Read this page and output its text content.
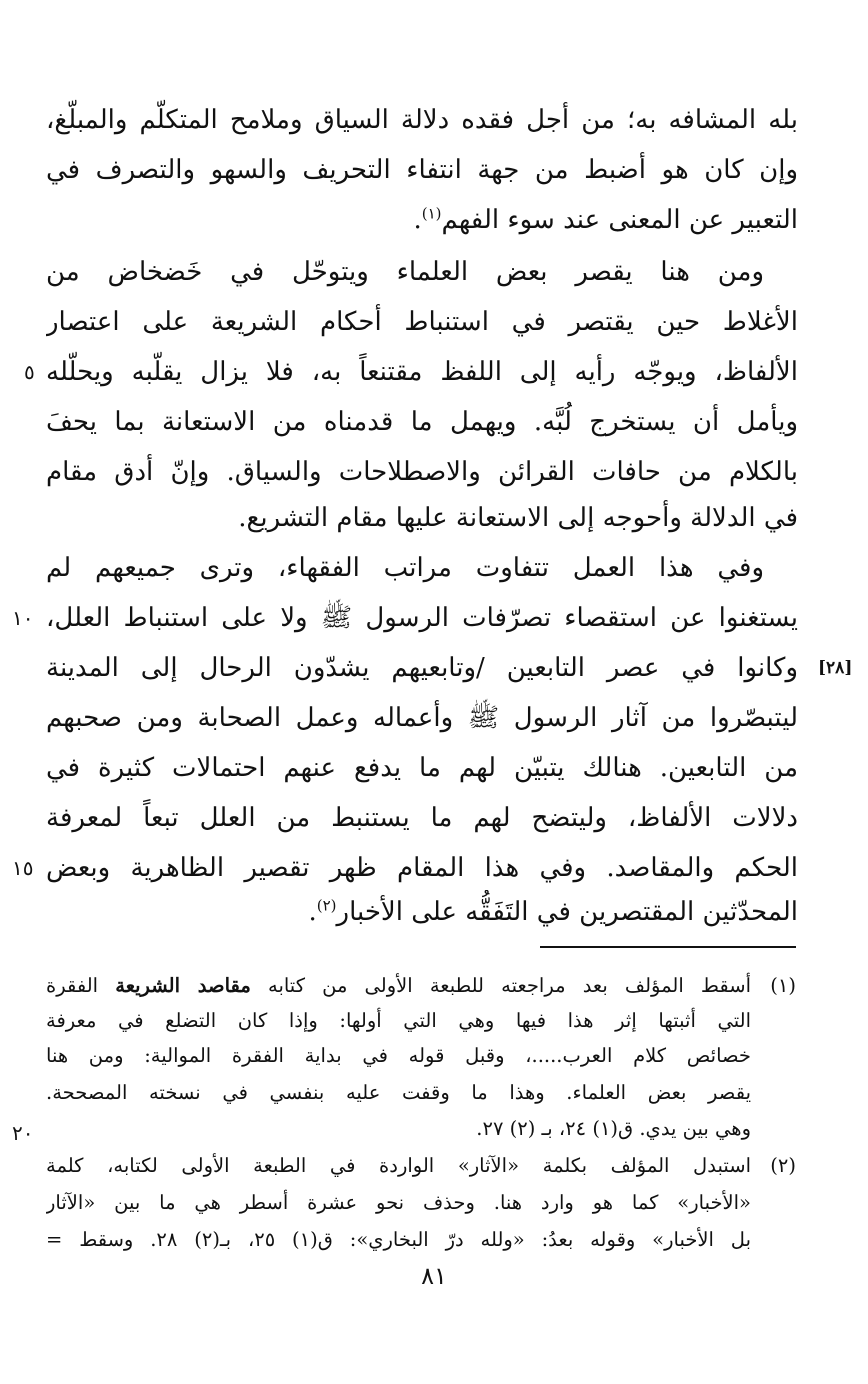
بله المشافه به؛ من أجل فقده دلالة السياق وملامح المتكلّم والمبلّغ،
وإن كان هو أضبط من جهة انتفاء التحريف والسهو والتصرف في
التعبير عن المعنى عند سوء الفهم$^{(١)}$.
ومن هنا يقصر بعض العلماء ويتوحّل في خَضخاض من
الأغلاط حين يقتصر في استنباط أحكام الشريعة على اعتصار
الألفاظ، ويوجّه رأيه إلى اللفظ مقتنعاً به، فلا يزال يقلّبه ويحلّله
ويأمل أن يستخرج لُبَّه. ويهمل ما قدمناه من الاستعانة بما يحفَ
بالكلام من حافات القرائن والاصطلاحات والسياق. وإنّ أدق مقام
في الدلالة وأحوجه إلى الاستعانة عليها مقام التشريع.
وفي هذا العمل تتفاوت مراتب الفقهاء، وترى جميعهم لم
يستغنوا عن استقصاء تصرّفات الرسول ﷺ ولا على استنباط العلل،
وكانوا في عصر التابعين /وتابعيهم يشدّون الرحال إلى المدينة
ليتبصّروا من آثار الرسول ﷺ وأعماله وعمل الصحابة ومن صحبهم
من التابعين. هنالك يتبيّن لهم ما يدفع عنهم احتمالات كثيرة في
دلالات الألفاظ، وليتضح لهم ما يستنبط من العلل تبعاً لمعرفة
الحكم والمقاصد. وفي هذا المقام ظهر تقصير الظاهرية وبعض
المحدّثين المقتصرين في التَفَقُّه على الأخبار$^{(٢)}$.
٥
١٠
١٥
٢٠
[٢٨]
(١)
أسقط المؤلف بعد مراجعته للطبعة الأولى من كتابه مقاصد الشريعة الفقرة
التي أثبتها إثر هذا فيها وهي التي أولها: وإذا كان التضلع في معرفة
خصائص كلام العرب.....، وقبل قوله في بداية الفقرة الموالية: ومن هنا
يقصر بعض العلماء. وهذا ما وقفت عليه بنفسي في نسخته المصححة.
وهي بين يدي. ق(١) ٢٤، بـ (٢) ٢٧.
(٢)
استبدل المؤلف بكلمة «الآثار» الواردة في الطبعة الأولى لكتابه، كلمة
«الأخبار» كما هو وارد هنا. وحذف نحو عشرة أسطر هي ما بين «الآثار
بل الأخبار» وقوله بعدُ: «ولله درّ البخاري»: ق(١) ٢٥، بـ(٢) ٢٨. وسقط =
٨١
